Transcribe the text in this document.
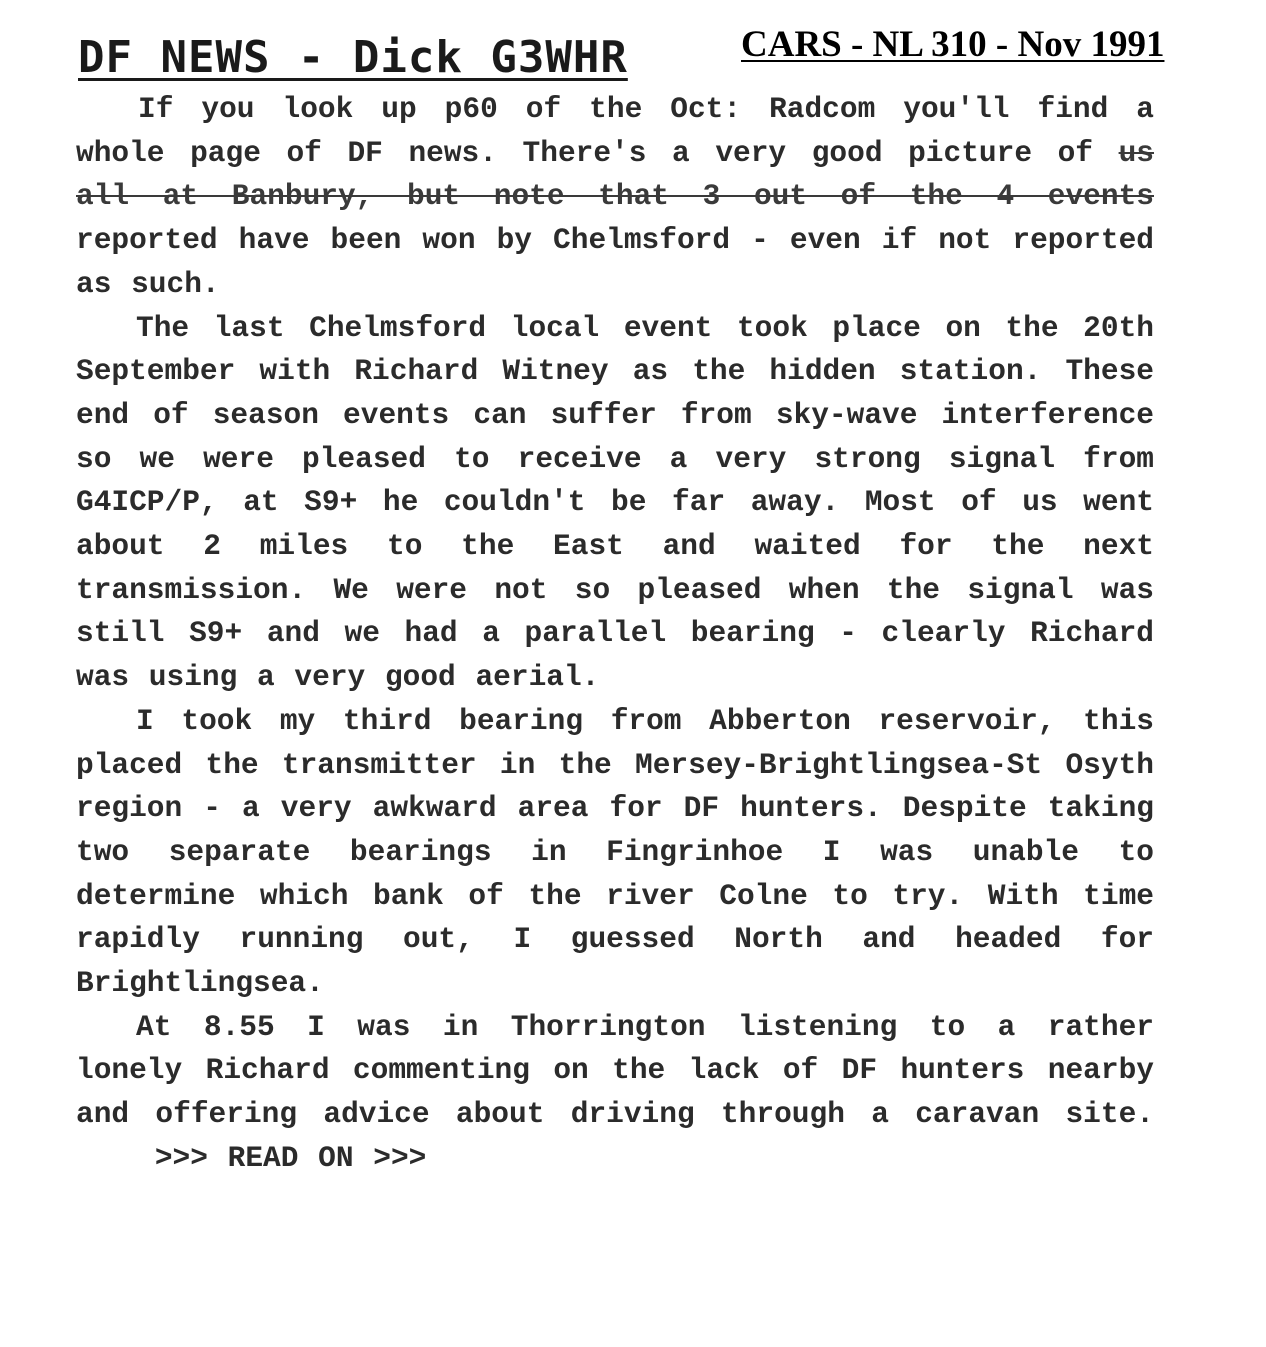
DF NEWS - Dick G3WHR	CARS - NL 310 - Nov 1991

If you look up p60 of the Oct: Radcom you'll find a whole page of DF news. There's a very good picture of us all at Banbury, but note that 3 out of the 4 events reported have been won by Chelmsford - even if not reported as such.

The last Chelmsford local event took place on the 20th September with Richard Witney as the hidden station. These end of season events can suffer from sky-wave interference so we were pleased to receive a very strong signal from G4ICP/P, at S9+ he couldn't be far away. Most of us went about 2 miles to the East and waited for the next transmission. We were not so pleased when the signal was still S9+ and we had a parallel bearing - clearly Richard was using a very good aerial.

I took my third bearing from Abberton reservoir, this placed the transmitter in the Mersey-Brightlingsea-St Osyth region - a very awkward area for DF hunters. Despite taking two separate bearings in Fingrinhoe I was unable to determine which bank of the river Colne to try. With time rapidly running out, I guessed North and headed for Brightlingsea.

At 8.55 I was in Thorrington listening to a rather lonely Richard commenting on the lack of DF hunters nearby and offering advice about driving through a caravan site.    >>> READ ON >>>
